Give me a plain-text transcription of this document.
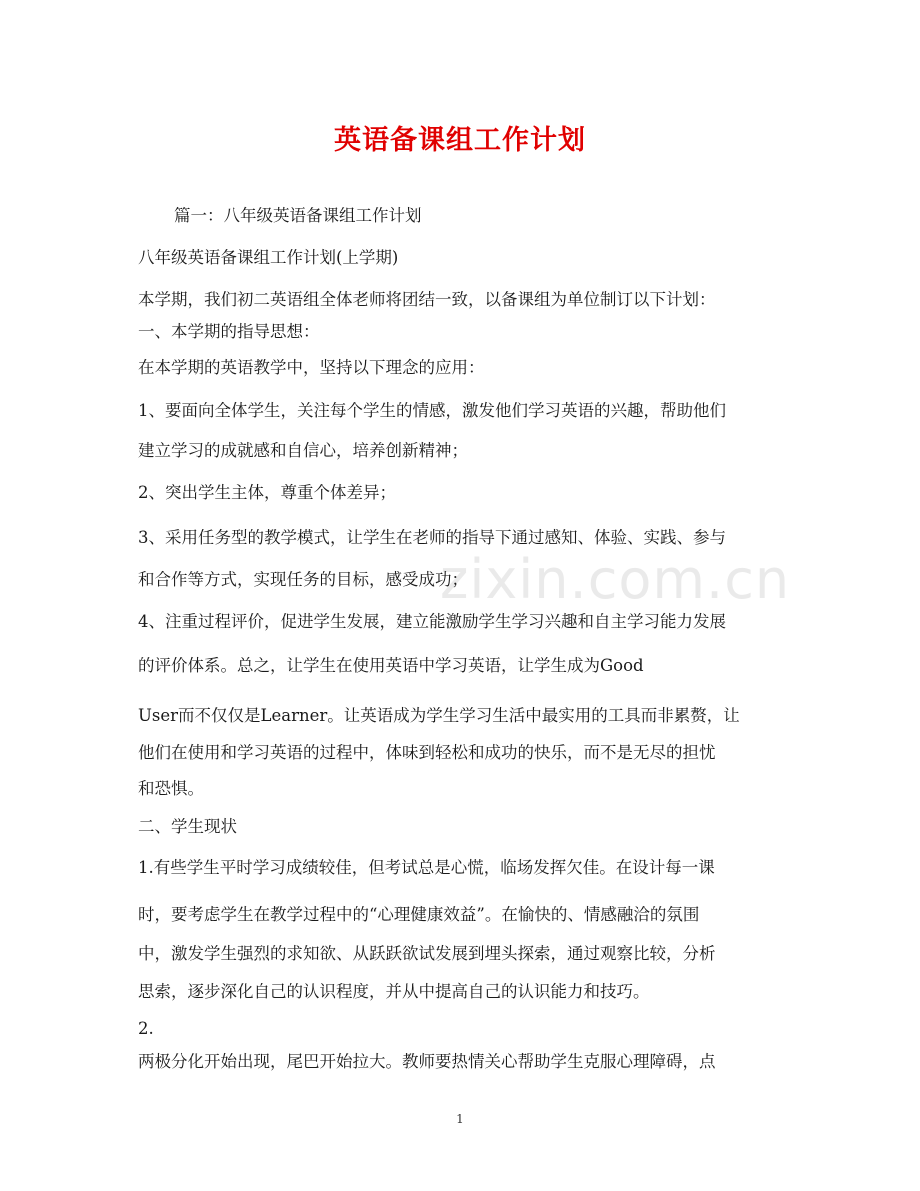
英语备课组工作计划
zixin.com.cn
篇一：八年级英语备课组工作计划
八年级英语备课组工作计划(上学期)
本学期，我们初二英语组全体老师将团结一致，以备课组为单位制订以下计划：
一、本学期的指导思想：
在本学期的英语教学中，坚持以下理念的应用：
1、要面向全体学生，关注每个学生的情感，激发他们学习英语的兴趣，帮助他们
建立学习的成就感和自信心，培养创新精神；
2、突出学生主体，尊重个体差异；
3、采用任务型的教学模式，让学生在老师的指导下通过感知、体验、实践、参与
和合作等方式，实现任务的目标，感受成功；
4、注重过程评价，促进学生发展，建立能激励学生学习兴趣和自主学习能力发展
的评价体系。总之，让学生在使用英语中学习英语，让学生成为Good
User而不仅仅是Learner。让英语成为学生学习生活中最实用的工具而非累赘，让
他们在使用和学习英语的过程中，体味到轻松和成功的快乐，而不是无尽的担忧
和恐惧。
二、学生现状
1.有些学生平时学习成绩较佳，但考试总是心慌，临场发挥欠佳。在设计每一课
时，要考虑学生在教学过程中的“心理健康效益”。在愉快的、情感融洽的氛围
中，激发学生强烈的求知欲、从跃跃欲试发展到埋头探索，通过观察比较，分析
思索，逐步深化自己的认识程度，并从中提高自己的认识能力和技巧。
2.
两极分化开始出现，尾巴开始拉大。教师要热情关心帮助学生克服心理障碍，点
1
